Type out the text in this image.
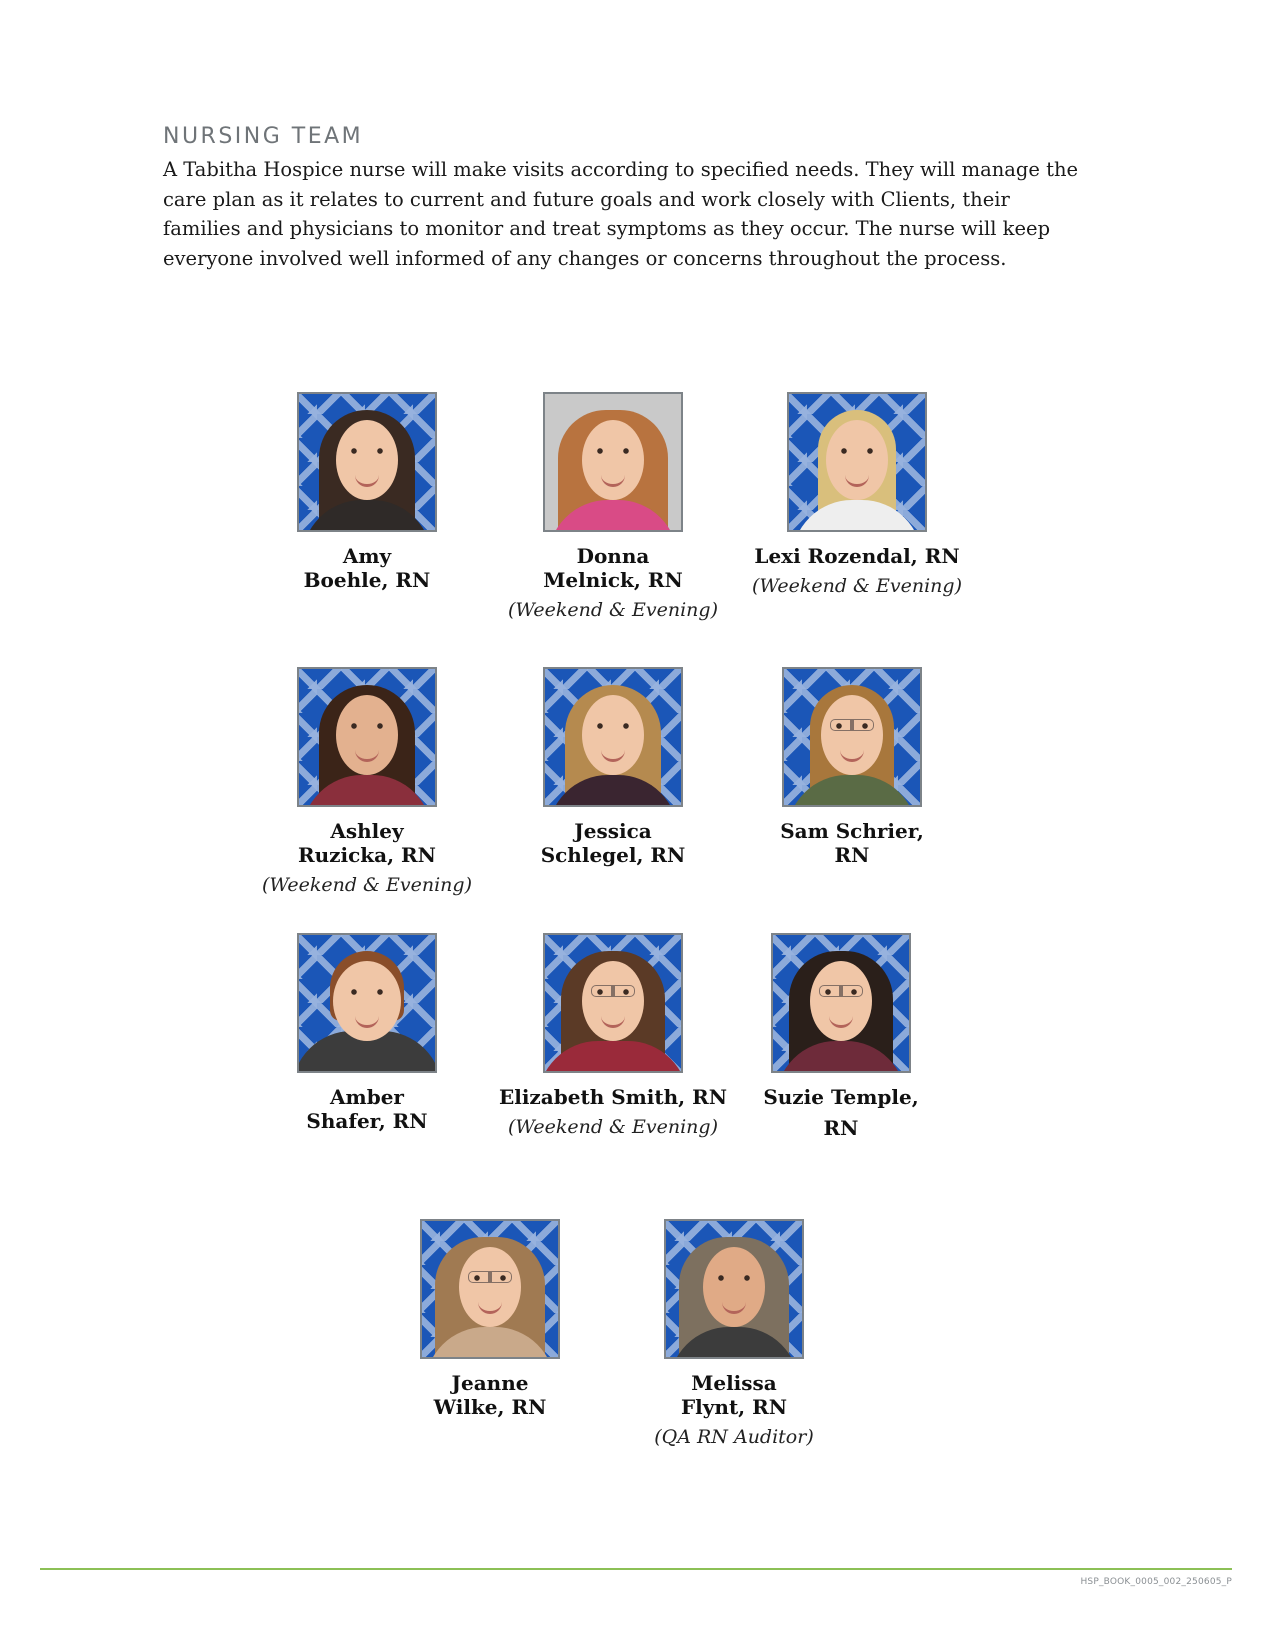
NURSING TEAM

A Tabitha Hospice nurse will make visits according to specified needs. They will manage the care plan as it relates to current and future goals and work closely with Clients, their families and physicians to monitor and treat symptoms as they occur. The nurse will keep everyone involved well informed of any changes or concerns throughout the process.

Amy
Boehle, RN
Donna
Melnick, RN
(Weekend & Evening)
Lexi Rozendal, RN
(Weekend & Evening)
Ashley
Ruzicka, RN
(Weekend & Evening)
Jessica
Schlegel, RN
Sam Schrier,
RN
Amber
Shafer, RN
Elizabeth Smith, RN
(Weekend & Evening)
Suzie Temple,
RN
Jeanne
Wilke, RN
Melissa
Flynt, RN
(QA RN Auditor)
HSP_BOOK_0005_002_250605_P
